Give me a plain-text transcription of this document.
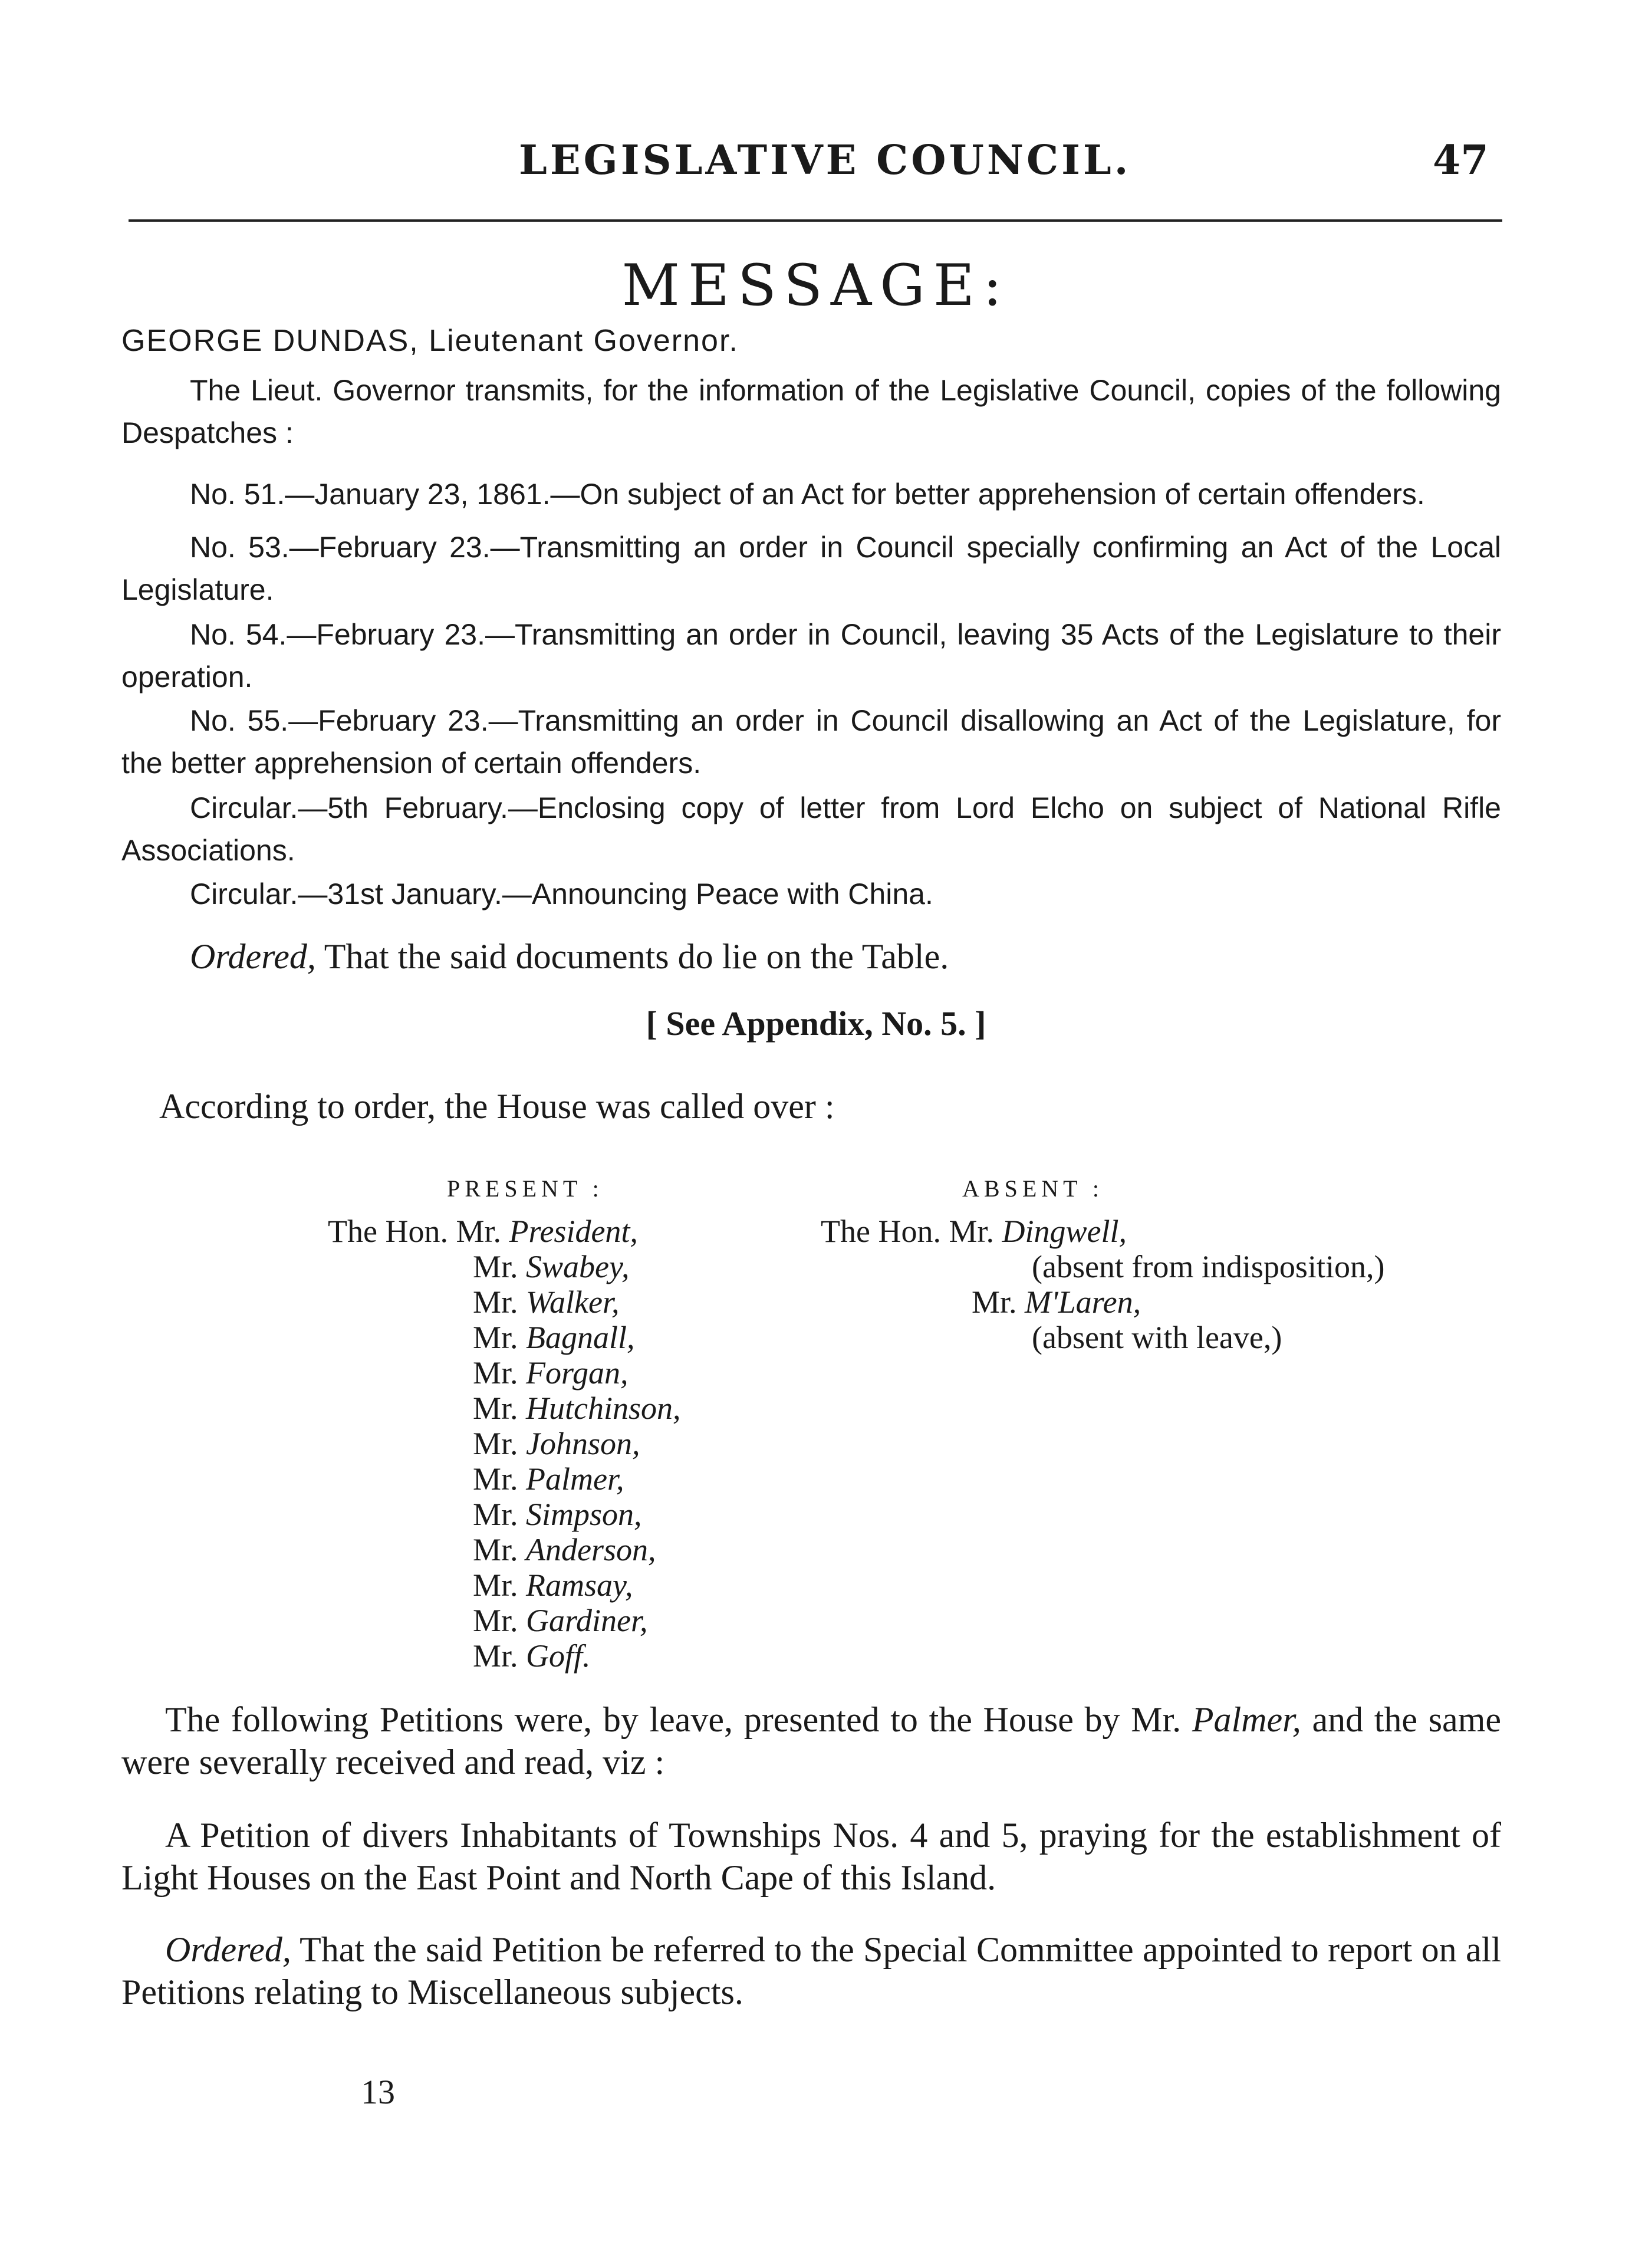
LEGISLATIVE COUNCIL.	47
MESSAGE:
GEORGE DUNDAS, Lieutenant Governor.
The Lieut. Governor transmits, for the information of the Legislative Council, copies of the following Despatches :
No. 51.—January 23, 1861.—On subject of an Act for better apprehension of certain offenders.
No. 53.—February 23.—Transmitting an order in Council specially confirming an Act of the Local Legislature.
No. 54.—February 23.—Transmitting an order in Council, leaving 35 Acts of the Legislature to their operation.
No. 55.—February 23.—Transmitting an order in Council disallowing an Act of the Legislature, for the better apprehension of certain offenders.
Circular.—5th February.—Enclosing copy of letter from Lord Elcho on subject of National Rifle Associations.
Circular.—31st January.—Announcing Peace with China.
Ordered, That the said documents do lie on the Table.
[ See Appendix, No. 5. ]
According to order, the House was called over :
PRESENT :	ABSENT :
The Hon. Mr. President,
Mr. Swabey,
Mr. Walker,
Mr. Bagnall,
Mr. Forgan,
Mr. Hutchinson,
Mr. Johnson,
Mr. Palmer,
Mr. Simpson,
Mr. Anderson,
Mr. Ramsay,
Mr. Gardiner,
Mr. Goff.
The Hon. Mr. Dingwell,
(absent from indisposition,)
Mr. M'Laren,
(absent with leave,)
The following Petitions were, by leave, presented to the House by Mr. Palmer, and the same were severally received and read, viz :
A Petition of divers Inhabitants of Townships Nos. 4 and 5, praying for the establishment of Light Houses on the East Point and North Cape of this Island.
Ordered, That the said Petition be referred to the Special Committee appointed to report on all Petitions relating to Miscellaneous subjects.
13
